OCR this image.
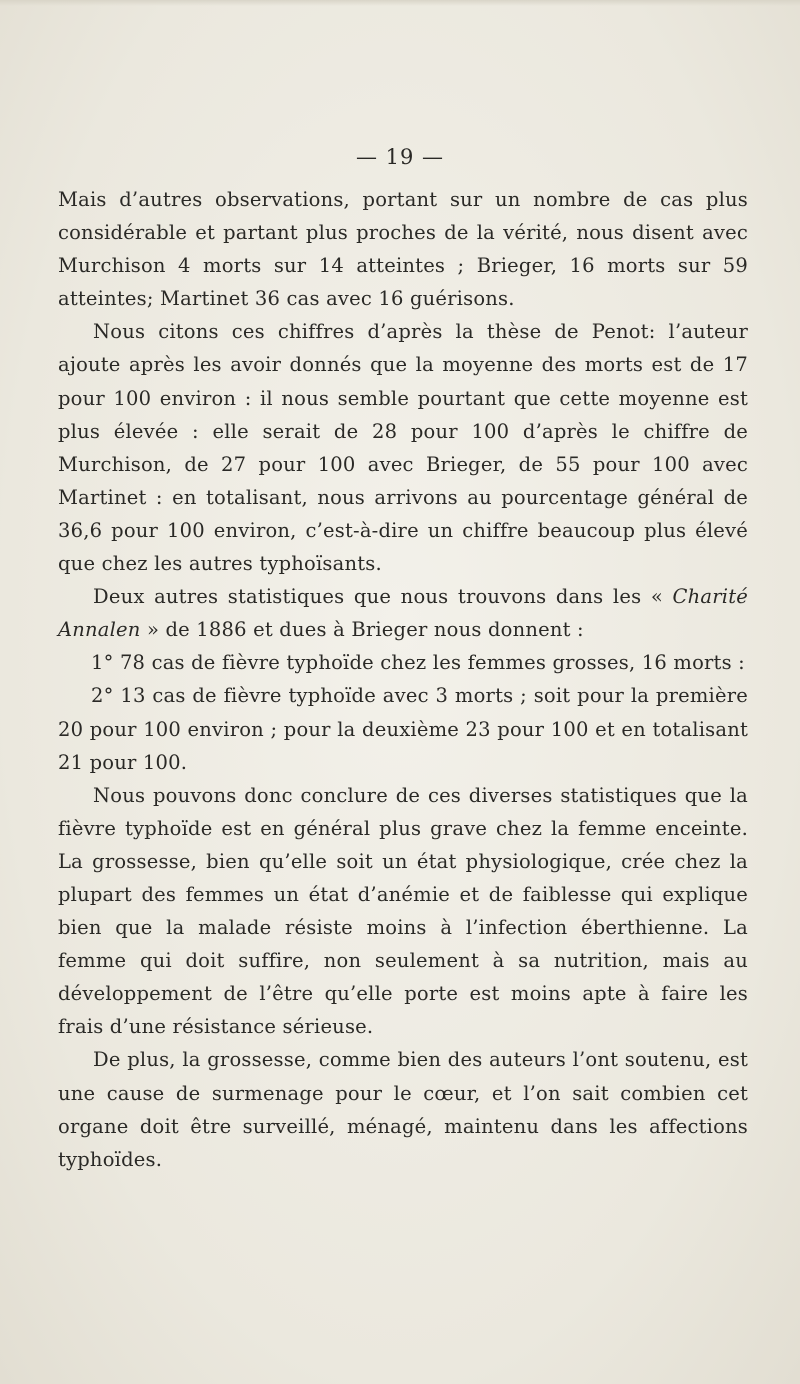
— 19 —

Mais d’autres observations, portant sur un nombre de cas plus considérable et partant plus proches de la vérité, nous disent avec Murchison 4 morts sur 14 atteintes ; Brieger, 16 morts sur 59 atteintes; Martinet 36 cas avec 16 guérisons.

Nous citons ces chiffres d’après la thèse de Penot: l’auteur ajoute après les avoir donnés que la moyenne des morts est de 17 pour 100 environ : il nous semble pourtant que cette moyenne est plus élevée : elle serait de 28 pour 100 d’après le chiffre de Murchison, de 27 pour 100 avec Brieger, de 55 pour 100 avec Martinet : en totalisant, nous arrivons au pourcentage général de 36,6 pour 100 environ, c’est-à-dire un chiffre beaucoup plus élevé que chez les autres typhoïsants.

Deux autres statistiques que nous trouvons dans les « Charité Annalen » de 1886 et dues à Brieger nous donnent :

1° 78 cas de fièvre typhoïde chez les femmes grosses, 16 morts :

2° 13 cas de fièvre typhoïde avec 3 morts ; soit pour la première 20 pour 100 environ ; pour la deuxième 23 pour 100 et en totalisant 21 pour 100.

Nous pouvons donc conclure de ces diverses statistiques que la fièvre typhoïde est en général plus grave chez la femme enceinte. La grossesse, bien qu’elle soit un état physiologique, crée chez la plupart des femmes un état d’anémie et de faiblesse qui explique bien que la malade résiste moins à l’infection éberthienne. La femme qui doit suffire, non seulement à sa nutrition, mais au développement de l’être qu’elle porte est moins apte à faire les frais d’une résistance sérieuse.

De plus, la grossesse, comme bien des auteurs l’ont soutenu, est une cause de surmenage pour le cœur, et l’on sait combien cet organe doit être surveillé, ménagé, maintenu dans les affections typhoïdes.
